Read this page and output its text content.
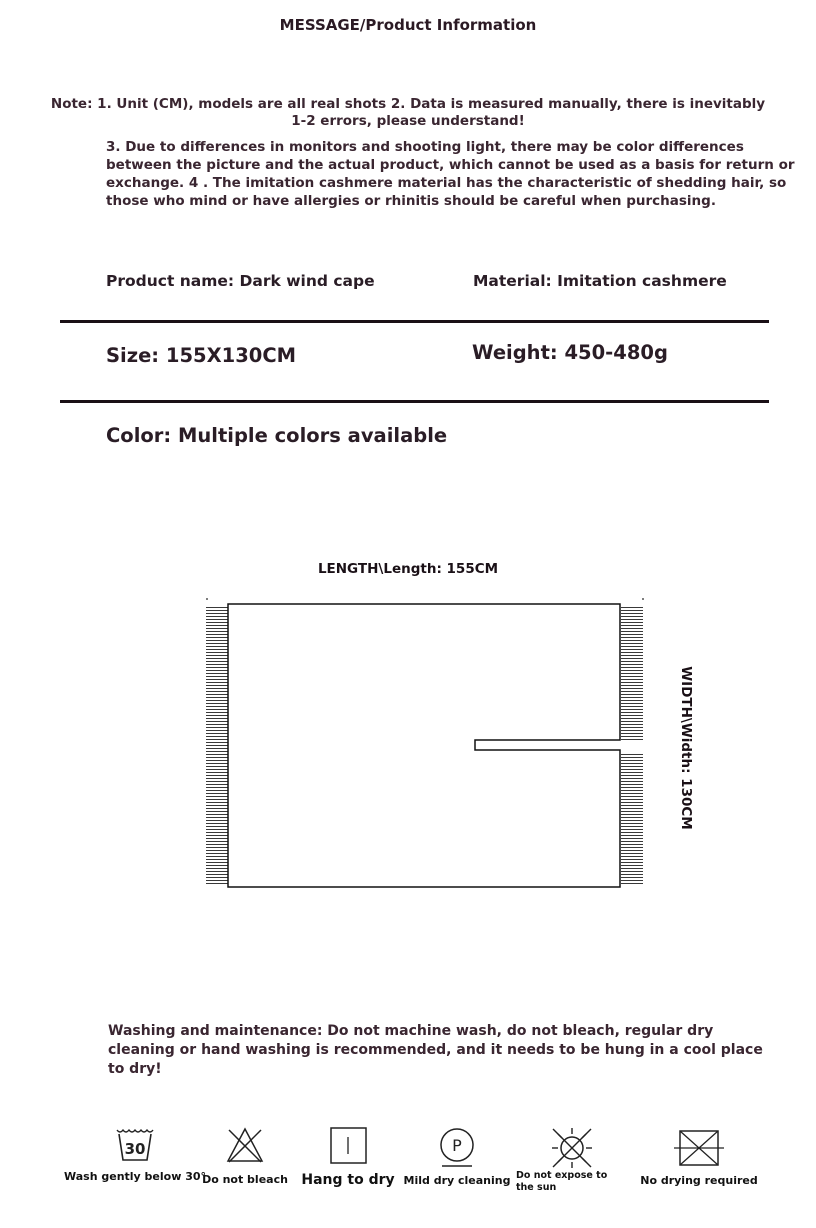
MESSAGE/Product Information
Note: 1. Unit (CM), models are all real shots 2. Data is measured manually, there is inevitably 1-2 errors, please understand!
3. Due to differences in monitors and shooting light, there may be color differences between the picture and the actual product, which cannot be used as a basis for return or exchange. 4 . The imitation cashmere material has the characteristic of shedding hair, so those who mind or have allergies or rhinitis should be careful when purchasing.
Product name: Dark wind cape	Material: Imitation cashmere
Size: 155X130CM	Weight: 450-480g
Color: Multiple colors available
LENGTH\Length: 155CM
WIDTH\Width: 130CM
Washing and maintenance: Do not machine wash, do not bleach, regular dry cleaning or hand washing is recommended, and it needs to be hung in a cool place to dry!
30
Wash gently below 30°
Do not bleach Hang to dry
P
Mild dry cleaning Do not expose to the sun
No drying required
